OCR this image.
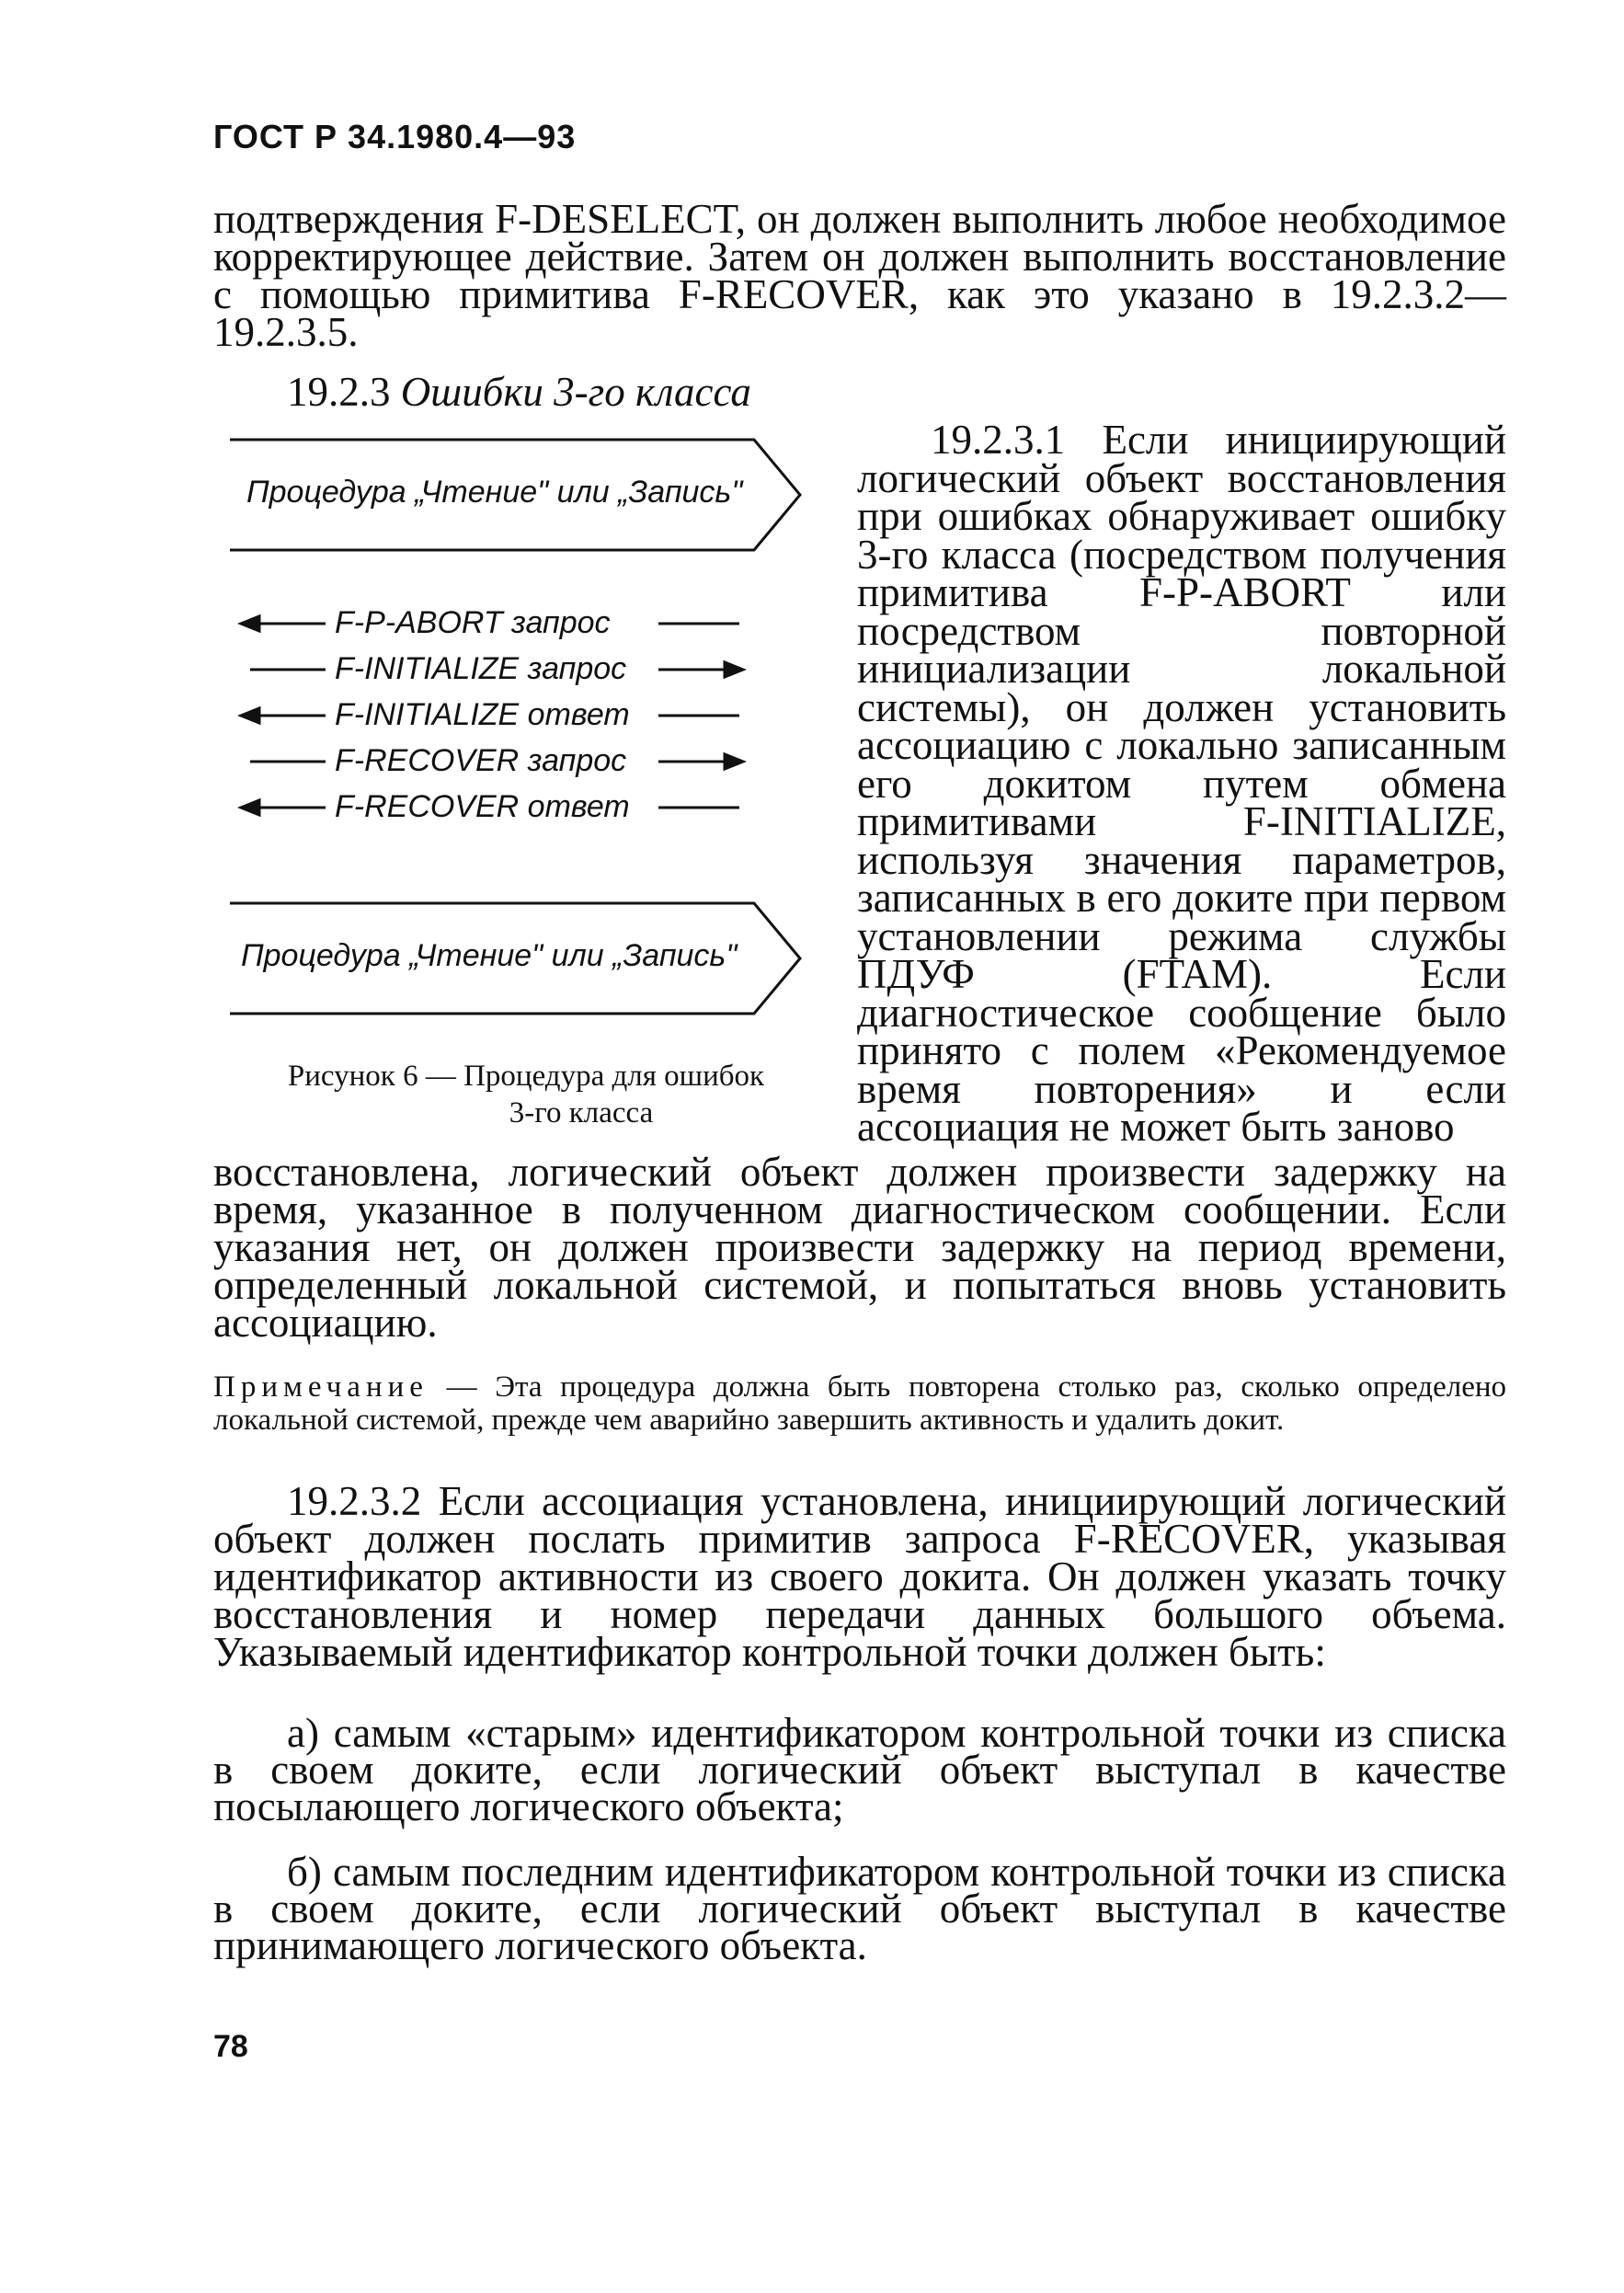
ГОСТ Р 34.1980.4—93

подтверждения F-DESELECT, он должен выполнить любое необходимое корректирующее действие. Затем он должен выполнить восстановление с помощью примитива F-RECOVER, как это указано в 19.2.3.2—19.2.3.5.

19.2.3 Ошибки 3-го класса
Процедура „Чтение" или „Запись"
Процедура „Чтение" или „Запись"
F-P-ABORT запрос
F-INITIALIZE запрос
F-INITIALIZE ответ
F-RECOVER запрос
F-RECOVER ответ
Рисунок 6 — Процедура для ошибок
3-го класса

19.2.3.1 Если инициирующий логический объект восстановления при ошибках обнаруживает ошибку 3-го класса (посредством получения примитива F-P-ABORT или посредством повторной инициализации локальной системы), он должен установить ассоциацию с локально записанным его докитом путем обмена примитивами F-INITIALIZE, используя значения параметров, записанных в его доките при первом установлении режима службы ПДУФ (FTAM). Если диагностическое сообщение было принято с полем «Рекомендуемое время повторения» и если ассоциация не может быть заново

восстановлена, логический объект должен произвести задержку на время, указанное в полученном диагностическом сообщении. Если указания нет, он должен произвести задержку на период времени, определенный локальной системой, и попытаться вновь установить ассоциацию.

Примечание — Эта процедура должна быть повторена столько раз, сколько определено локальной системой, прежде чем аварийно завершить активность и удалить докит.

19.2.3.2 Если ассоциация установлена, инициирующий логический объект должен послать примитив запроса F-RECOVER, указывая идентификатор активности из своего докита. Он должен указать точку восстановления и номер передачи данных большого объема. Указываемый идентификатор контрольной точки должен быть:

а) самым «старым» идентификатором контрольной точки из списка в своем доките, если логический объект выступал в качестве посылающего логического объекта;

б) самым последним идентификатором контрольной точки из списка в своем доките, если логический объект выступал в качестве принимающего логического объекта.

78
